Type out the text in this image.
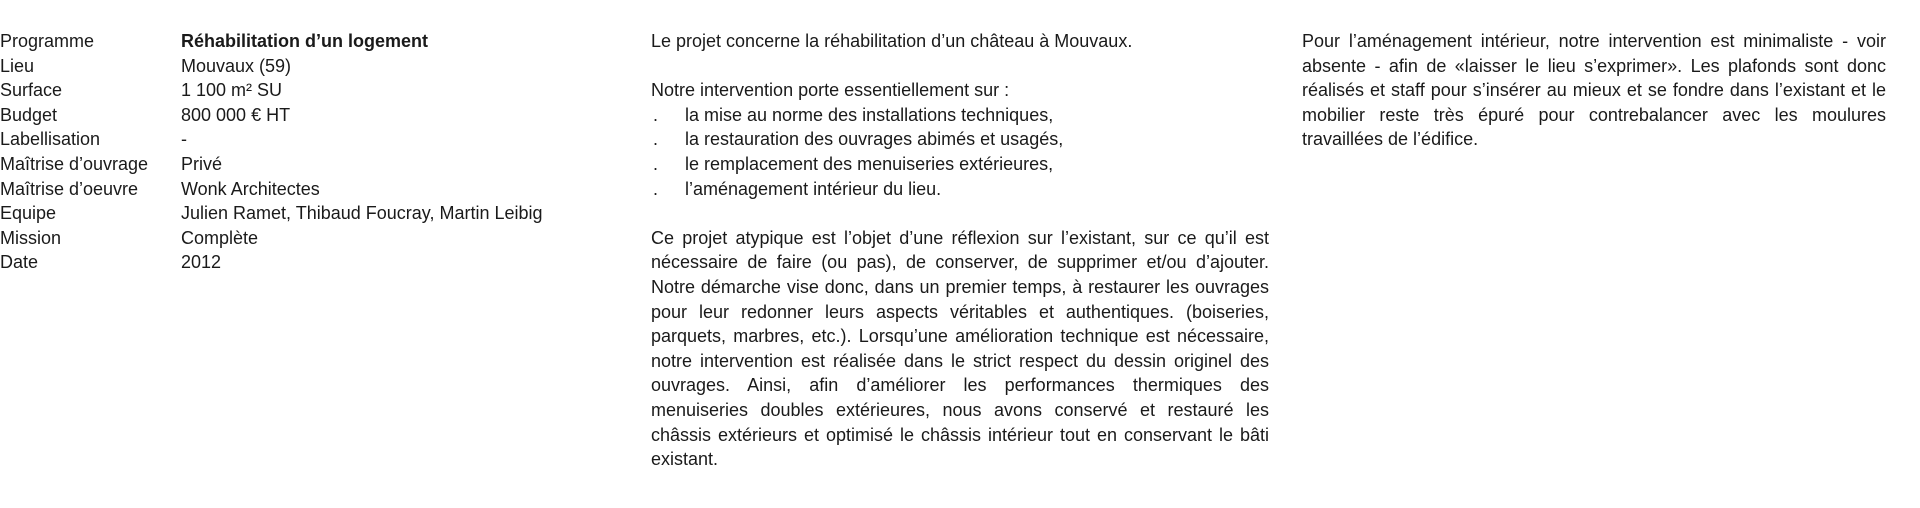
Programme	Réhabilitation d’un logement
Lieu	Mouvaux (59)
Surface	1 100 m² SU
Budget	800 000 € HT
Labellisation	-
Maîtrise d’ouvrage	Privé
Maîtrise d’oeuvre	Wonk Architectes
Equipe	Julien Ramet, Thibaud Foucray, Martin Leibig
Mission	Complète
Date	2012

Le projet concerne la réhabilitation d’un château à Mouvaux.

Notre intervention porte essentiellement sur :

.	la mise au norme des installations techniques,
.	la restauration des ouvrages abimés et usagés,
.	le remplacement des menuiseries extérieures,
.	l’aménagement intérieur du lieu.

Ce projet atypique est l’objet d’une réflexion sur l’existant, sur ce qu’il est nécessaire de faire (ou pas), de conserver, de supprimer et/ou d’ajouter. Notre démarche vise donc, dans un premier temps, à restaurer les ouvrages pour leur redonner leurs aspects véritables et authentiques. (boiseries, parquets, marbres, etc.). Lorsqu’une amélioration technique est nécessaire, notre intervention est réalisée dans le strict respect du dessin originel des ouvrages. Ainsi, afin d’améliorer les performances thermiques des menuiseries doubles extérieures, nous avons conservé et restauré les châssis extérieurs et optimisé le châssis intérieur tout en conservant le bâti existant.

Pour l’aménagement intérieur, notre intervention est minimaliste - voir absente - afin de «laisser le lieu s’exprimer». Les plafonds sont donc réalisés et staff pour s’insérer au mieux et se fondre dans l’existant et le mobilier reste très épuré pour contrebalancer avec les moulures travaillées de l’édifice.
